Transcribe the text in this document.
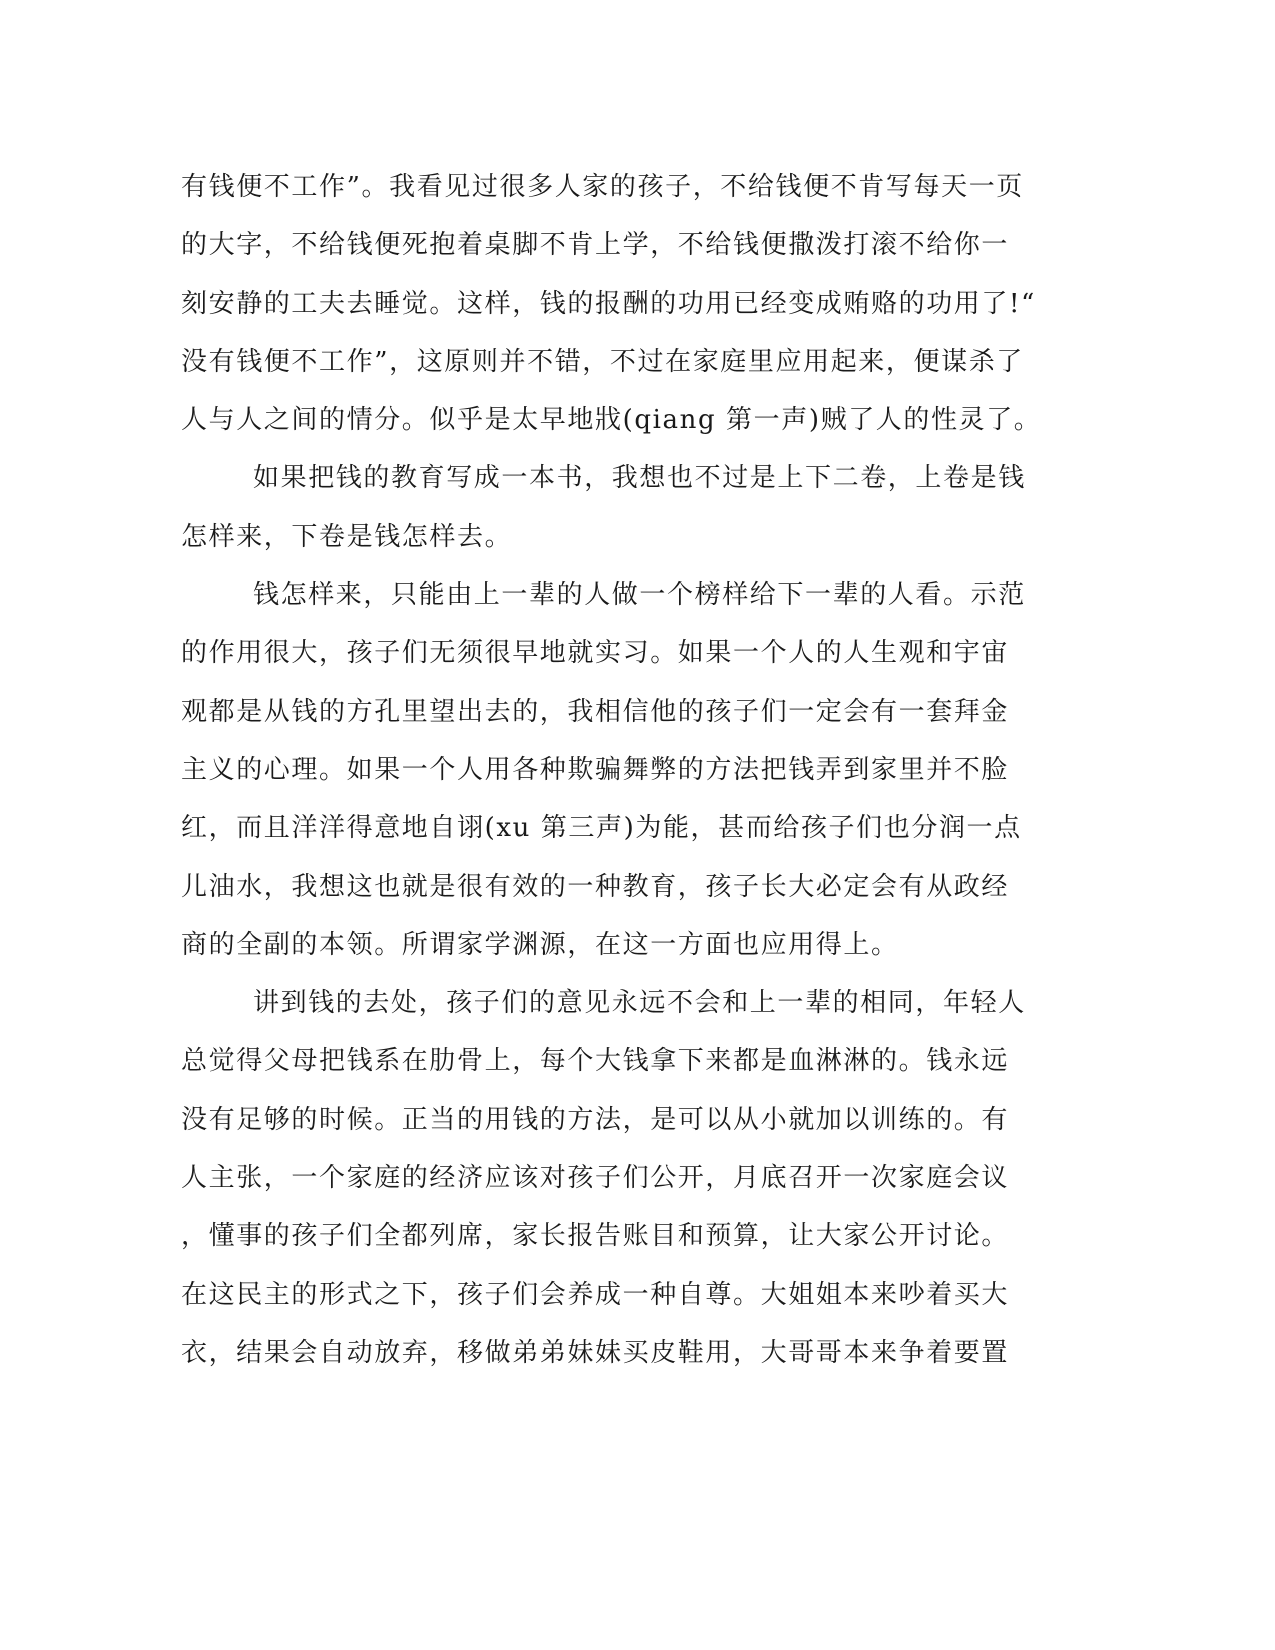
有钱便不工作”。我看见过很多人家的孩子，不给钱便不肯写每天一页
的大字，不给钱便死抱着桌脚不肯上学，不给钱便撒泼打滚不给你一
刻安静的工夫去睡觉。这样，钱的报酬的功用已经变成贿赂的功用了!“
没有钱便不工作”，这原则并不错，不过在家庭里应用起来，便谋杀了
人与人之间的情分。似乎是太早地戕(qiang 第一声)贼了人的性灵了。
如果把钱的教育写成一本书，我想也不过是上下二卷，上卷是钱
怎样来，下卷是钱怎样去。
钱怎样来，只能由上一辈的人做一个榜样给下一辈的人看。示范
的作用很大，孩子们无须很早地就实习。如果一个人的人生观和宇宙
观都是从钱的方孔里望出去的，我相信他的孩子们一定会有一套拜金
主义的心理。如果一个人用各种欺骗舞弊的方法把钱弄到家里并不脸
红，而且洋洋得意地自诩(xu 第三声)为能，甚而给孩子们也分润一点
儿油水，我想这也就是很有效的一种教育，孩子长大必定会有从政经
商的全副的本领。所谓家学渊源，在这一方面也应用得上。
讲到钱的去处，孩子们的意见永远不会和上一辈的相同，年轻人
总觉得父母把钱系在肋骨上，每个大钱拿下来都是血淋淋的。钱永远
没有足够的时候。正当的用钱的方法，是可以从小就加以训练的。有
人主张，一个家庭的经济应该对孩子们公开，月底召开一次家庭会议
，懂事的孩子们全都列席，家长报告账目和预算，让大家公开讨论。
在这民主的形式之下，孩子们会养成一种自尊。大姐姐本来吵着买大
衣，结果会自动放弃，移做弟弟妹妹买皮鞋用，大哥哥本来争着要置
